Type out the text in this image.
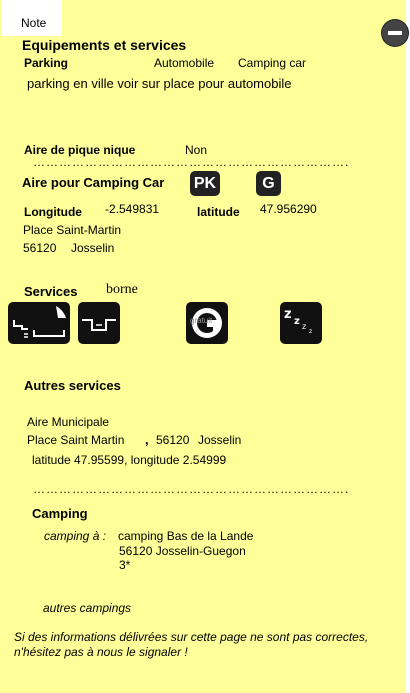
Note
Equipements et services
Parking	Automobile Camping car
parking en ville voir sur place pour automobile
Aire de pique nique	Non
……………………………………………………………….
Aire pour Camping Car PK	G
Longitude -2.549831	latitude 47.956290
Place Saint-Martin
56120 Josselin
Services borne
gratuit	z z z
z
Autres services
Aire Municipale
Place Saint Martin , 56120 Josselin
latitude 47.95599, longitude 2.54999
……………………………………………………………….
Camping
camping à : camping Bas de la Lande
56120 Josselin-Guegon
3*
autres campings
Si des informations délivrées sur cette page ne sont pas correctes,
n'hésitez pas à nous le signaler !
